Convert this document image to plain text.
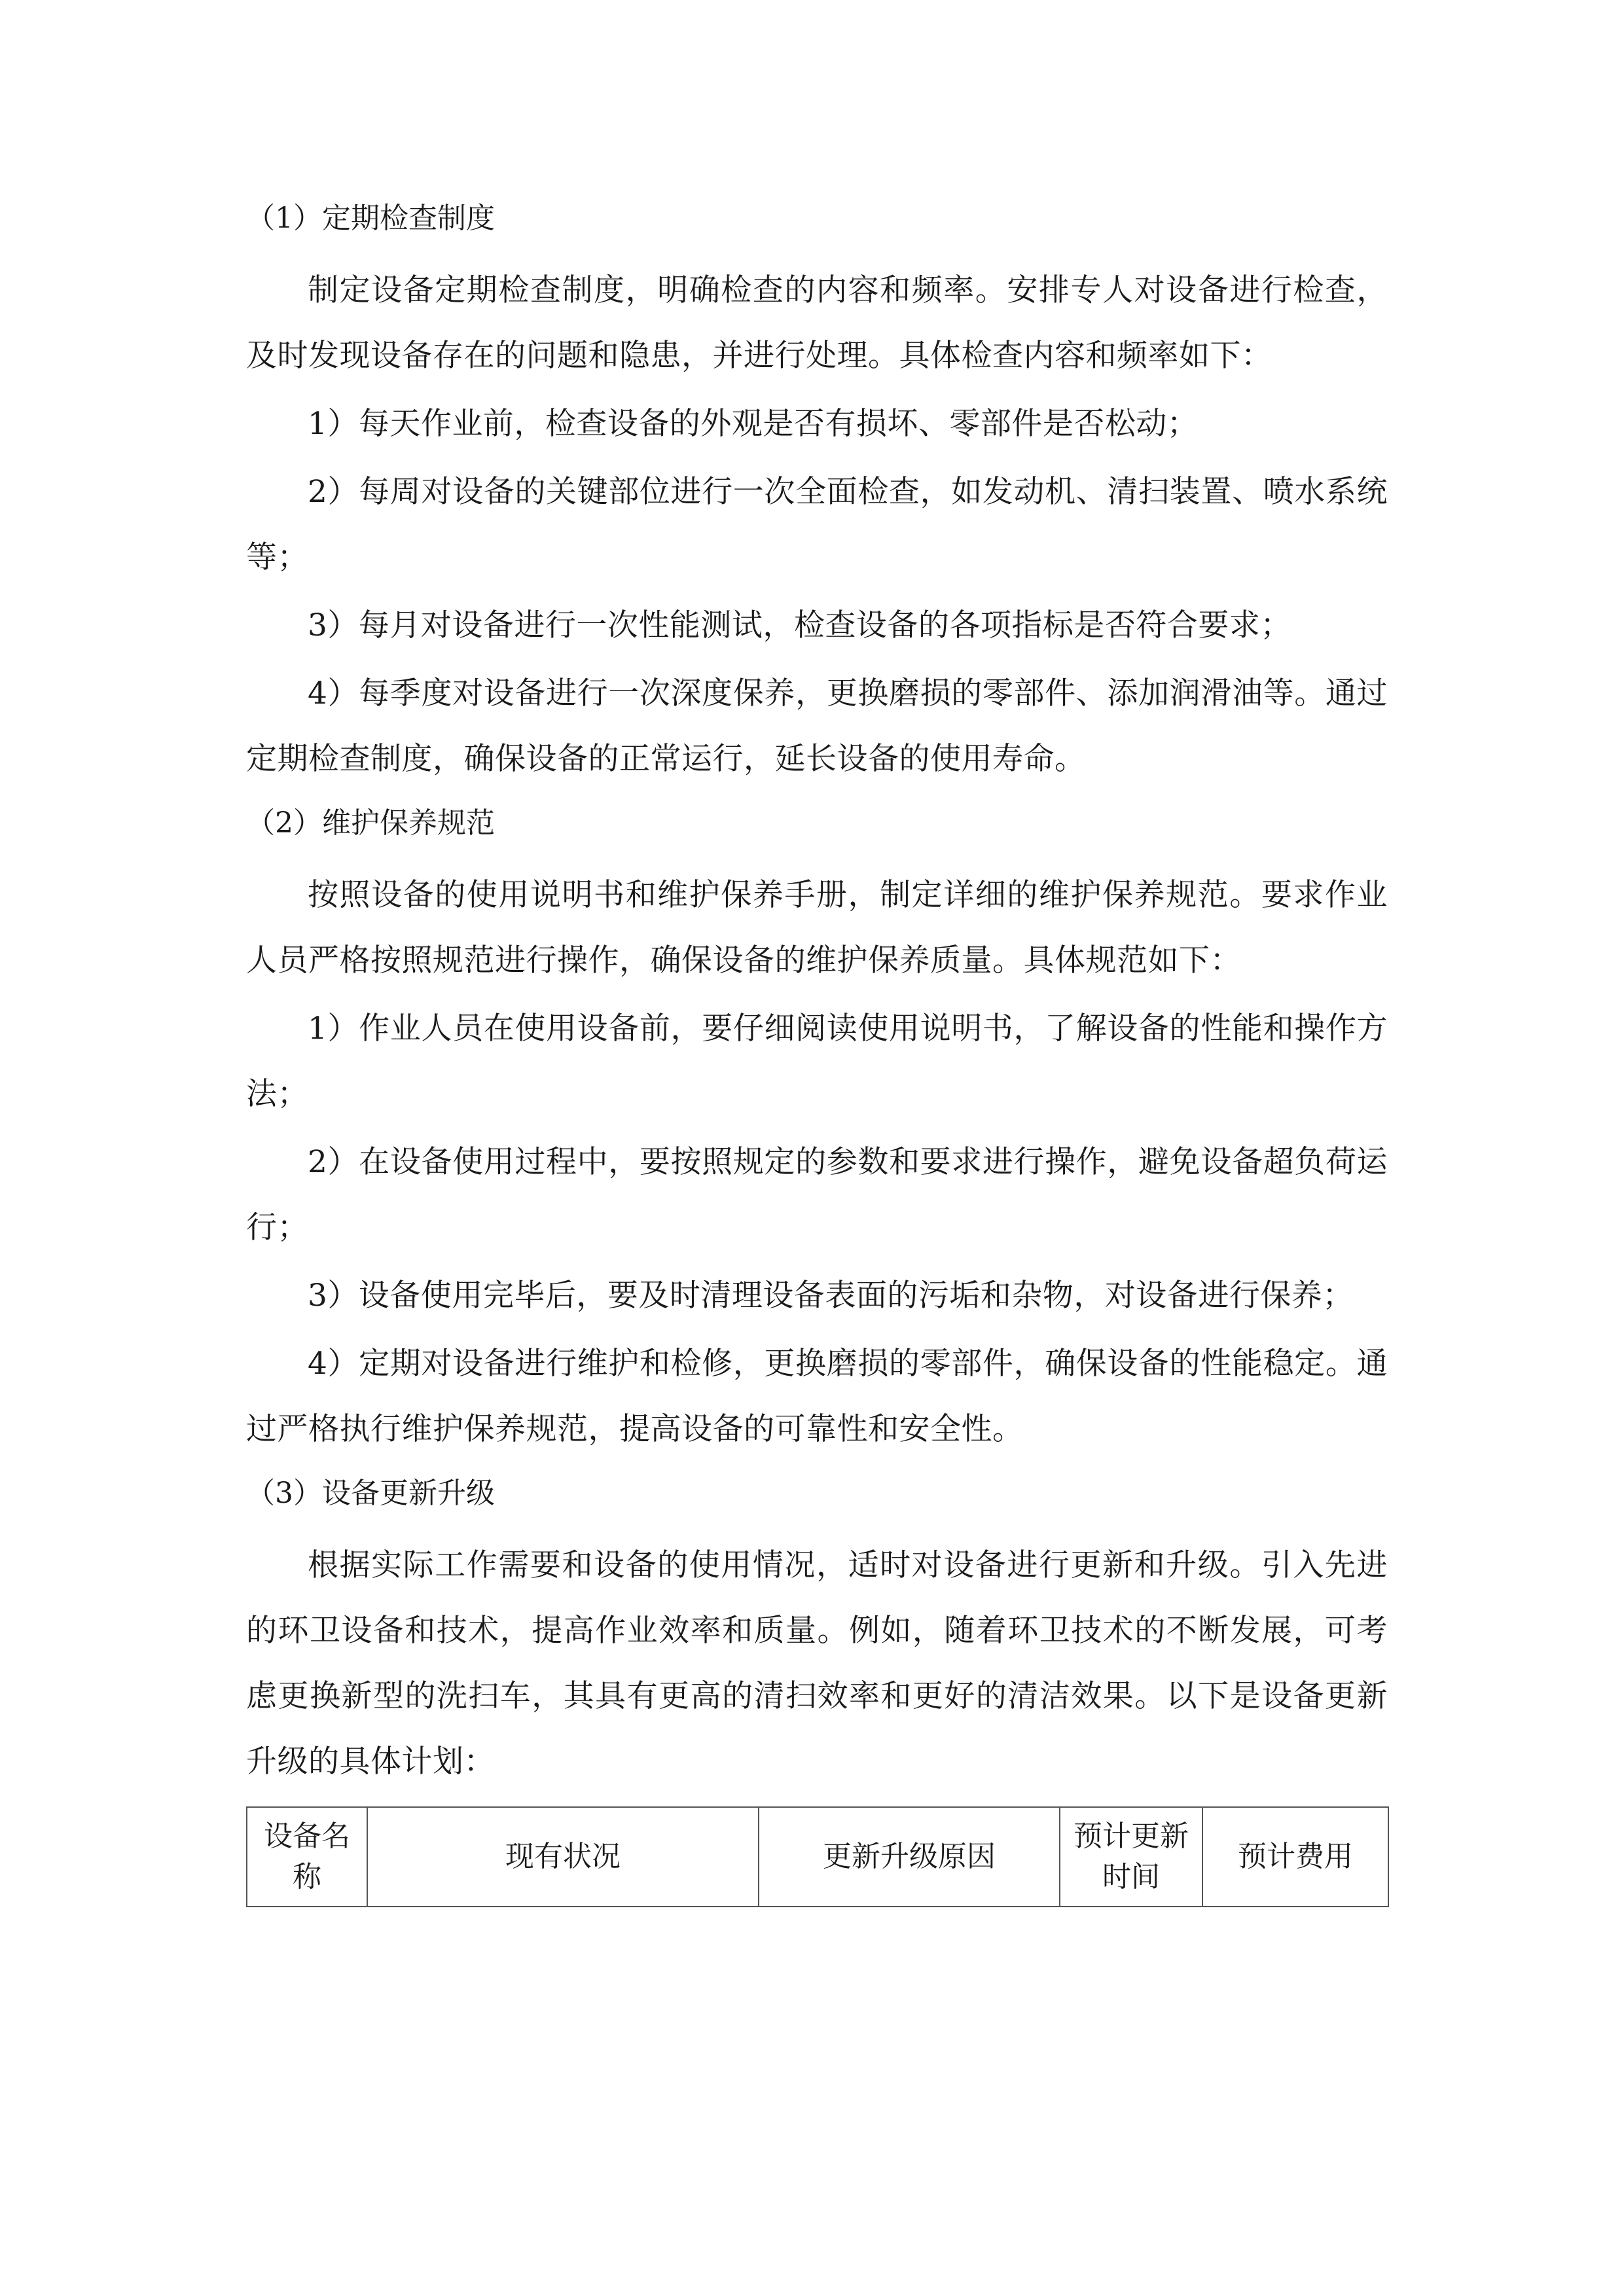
（1）定期检查制度

制定设备定期检查制度，明确检查的内容和频率。安排专人对设备进行检查，及时发现设备存在的问题和隐患，并进行处理。具体检查内容和频率如下：

1）每天作业前，检查设备的外观是否有损坏、零部件是否松动；

2）每周对设备的关键部位进行一次全面检查，如发动机、清扫装置、喷水系统等；

3）每月对设备进行一次性能测试，检查设备的各项指标是否符合要求；

4）每季度对设备进行一次深度保养，更换磨损的零部件、添加润滑油等。通过定期检查制度，确保设备的正常运行，延长设备的使用寿命。

（2）维护保养规范

按照设备的使用说明书和维护保养手册，制定详细的维护保养规范。要求作业人员严格按照规范进行操作，确保设备的维护保养质量。具体规范如下：

1）作业人员在使用设备前，要仔细阅读使用说明书，了解设备的性能和操作方法；

2）在设备使用过程中，要按照规定的参数和要求进行操作，避免设备超负荷运行；

3）设备使用完毕后，要及时清理设备表面的污垢和杂物，对设备进行保养；

4）定期对设备进行维护和检修，更换磨损的零部件，确保设备的性能稳定。通过严格执行维护保养规范，提高设备的可靠性和安全性。

（3）设备更新升级

根据实际工作需要和设备的使用情况，适时对设备进行更新和升级。引入先进的环卫设备和技术，提高作业效率和质量。例如，随着环卫技术的不断发展，可考虑更换新型的洗扫车，其具有更高的清扫效率和更好的清洁效果。以下是设备更新升级的具体计划：

设备名称	现有状况	更新升级原因	预计更新时间	预计费用
